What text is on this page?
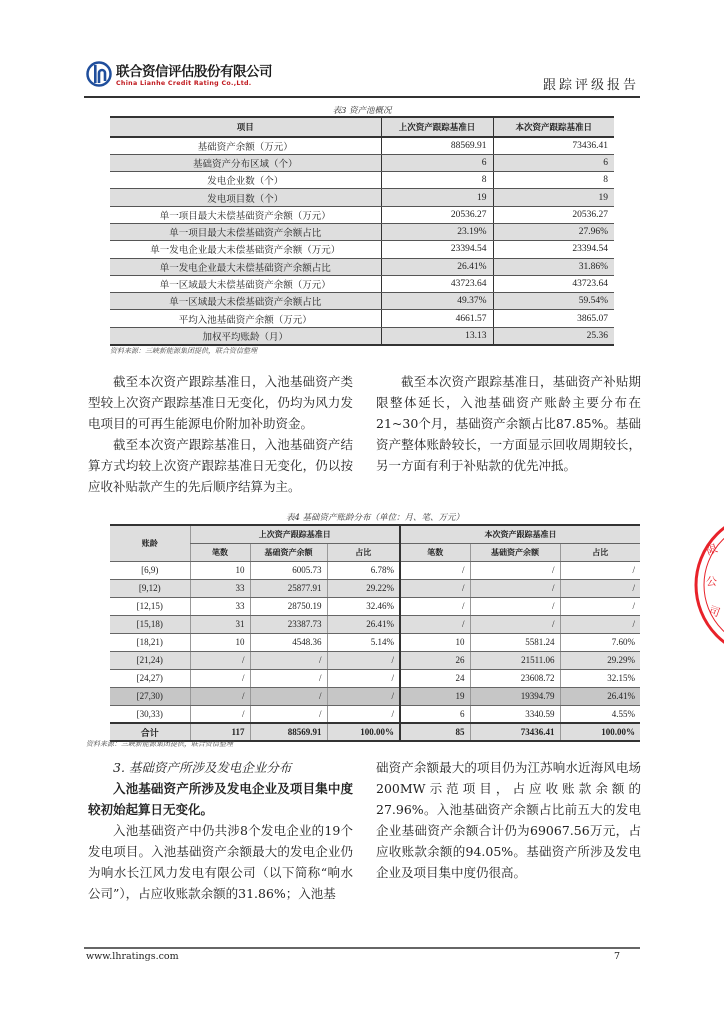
联合资信评估股份有限公司
China Lianhe Credit Rating Co.,Ltd.	跟踪评级报告
表3 资产池概况
项目	上次资产跟踪基准日	本次资产跟踪基准日
基础资产余额（万元）	88569.91	73436.41
基础资产分布区域（个）	6	6
发电企业数（个）	8	8
发电项目数（个）	19	19
单一项目最大未偿基础资产余额（万元）	20536.27	20536.27
单一项目最大未偿基础资产余额占比	23.19%	27.96%
单一发电企业最大未偿基础资产余额（万元）	23394.54	23394.54
单一发电企业最大未偿基础资产余额占比	26.41%	31.86%
单一区域最大未偿基础资产余额（万元）	43723.64	43723.64
单一区域最大未偿基础资产余额占比	49.37%	59.54%
平均入池基础资产余额（万元）	4661.57	3865.07
加权平均账龄（月）	13.13	25.36
资料来源：三峡新能源集团提供，联合资信整理

截至本次资产跟踪基准日，入池基础资产类型较上次资产跟踪基准日无变化，仍均为风力发电项目的可再生能源电价附加补助资金。

截至本次资产跟踪基准日，入池基础资产结算方式均较上次资产跟踪基准日无变化，仍以按应收补贴款产生的先后顺序结算为主。

截至本次资产跟踪基准日，基础资产补贴期限整体延长，入池基础资产账龄主要分布在21~30个月，基础资产余额占比87.85%。基础资产整体账龄较长，一方面显示回收周期较长，另一方面有利于补贴款的优先冲抵。

表4 基础资产账龄分布（单位：月、笔、万元）
账龄	上次资产跟踪基准日			本次资产跟踪基准日		
	笔数	基础资产余额	占比	笔数	基础资产余额	占比
[6,9)	10	6005.73	6.78%	/	/	/
[9,12)	33	25877.91	29.22%	/	/	/
[12,15)	33	28750.19	32.46%	/	/	/
[15,18)	31	23387.73	26.41%	/	/	/
[18,21)	10	4548.36	5.14%	10	5581.24	7.60%
[21,24)	/	/	/	26	21511.06	29.29%
[24,27)	/	/	/	24	23608.72	32.15%
[27,30)	/	/	/	19	19394.79	26.41%
[30,33)	/	/	/	6	3340.59	4.55%
合计	117	88569.91	100.00%	85	73436.41	100.00%
资料来源：三峡新能源集团提供，联合资信整理

3. 基础资产所涉及发电企业分布

入池基础资产所涉及发电企业及项目集中度较初始起算日无变化。

入池基础资产中仍共涉8个发电企业的19个发电项目。入池基础资产余额最大的发电企业仍为响水长江风力发电有限公司（以下简称“响水公司”），占应收账款余额的31.86%；入池基

础资产余额最大的项目仍为江苏响水近海风电场200MW示范项目，占应收账款余额的27.96%。入池基础资产余额占比前五大的发电企业基础资产余额合计仍为69067.56万元，占应收账款余额的94.05%。基础资产所涉及发电企业及项目集中度仍很高。

限
公
司
www.lhratings.com	7
